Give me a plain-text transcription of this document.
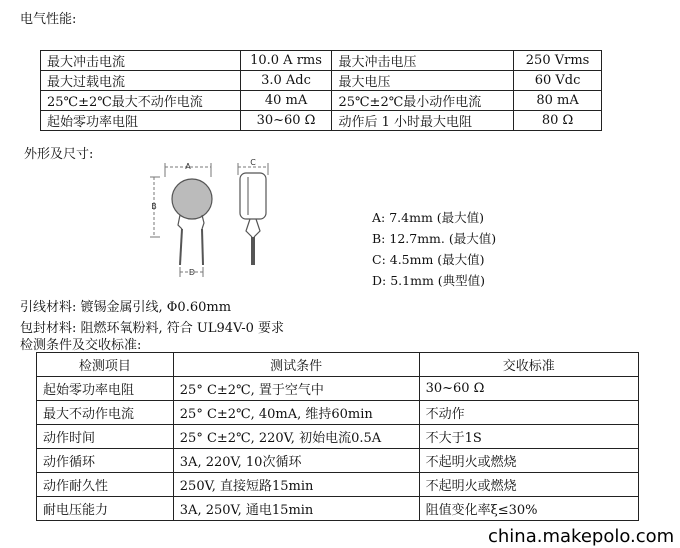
电气性能:
最大冲击电流	10.0 A rms	最大冲击电压	250 Vrms
最大过载电流	3.0 Adc	最大电压	60 Vdc
25℃±2℃最大不动作电流	40 mA	25℃±2℃最小动作电流	80 mA
起始零功率电阻	30~60 Ω	动作后 1 小时最大电阻	80 Ω
外形及尺寸:
A
B
D
C
A: 7.4mm (最大值)
B: 12.7mm. (最大值)
C: 4.5mm (最大值)
D: 5.1mm (典型值)
引线材料: 镀锡金属引线, Φ0.60mm
包封材料: 阻燃环氧粉料, 符合 UL94V-0 要求
检测条件及交收标准:
检测项目	测试条件	交收标准
起始零功率电阻	25° C±2℃, 置于空气中	30~60 Ω
最大不动作电流	25° C±2℃, 40mA, 维持60min	不动作
动作时间	25° C±2℃, 220V, 初始电流0.5A	不大于1S
动作循环	3A, 220V, 10次循环	不起明火或燃烧
动作耐久性	250V, 直接短路15min	不起明火或燃烧
耐电压能力	3A, 250V, 通电15min	阻值变化率ξ≤30%
china.makepolo.com
